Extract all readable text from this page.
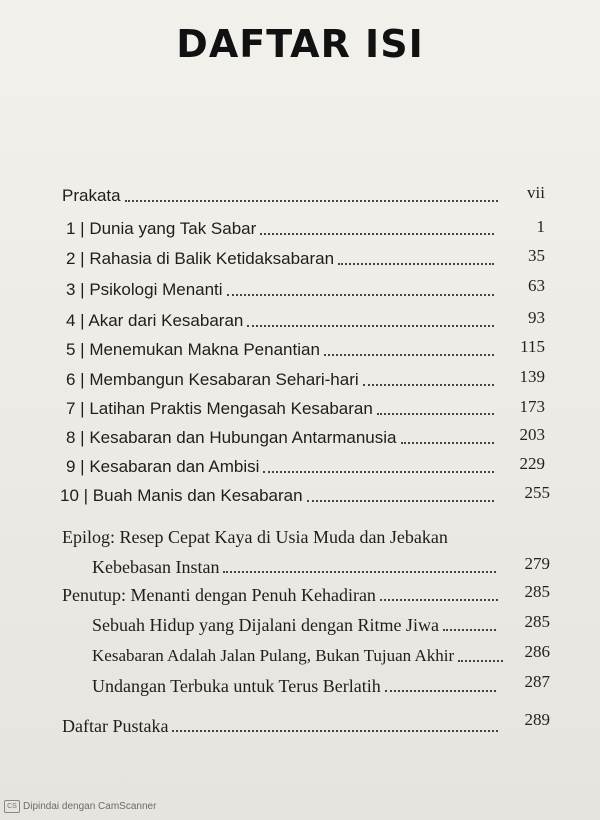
DAFTAR ISI
Prakata	vii
1 | Dunia yang Tak Sabar	1
2 | Rahasia di Balik Ketidaksabaran	35
3 | Psikologi Menanti	63
4 | Akar dari Kesabaran	93
5 | Menemukan Makna Penantian	115
6 | Membangun Kesabaran Sehari-hari	139
7 | Latihan Praktis Mengasah Kesabaran	173
8 | Kesabaran dan Hubungan Antarmanusia	203
9 | Kesabaran dan Ambisi	229
10 | Buah Manis dan Kesabaran	255
Epilog: Resep Cepat Kaya di Usia Muda dan Jebakan
Kebebasan Instan	279
Penutup: Menanti dengan Penuh Kehadiran	285
Sebuah Hidup yang Dijalani dengan Ritme Jiwa	285
Kesabaran Adalah Jalan Pulang, Bukan Tujuan Akhir	286
Undangan Terbuka untuk Terus Berlatih	287
Daftar Pustaka	289
CS Dipindai dengan CamScanner
